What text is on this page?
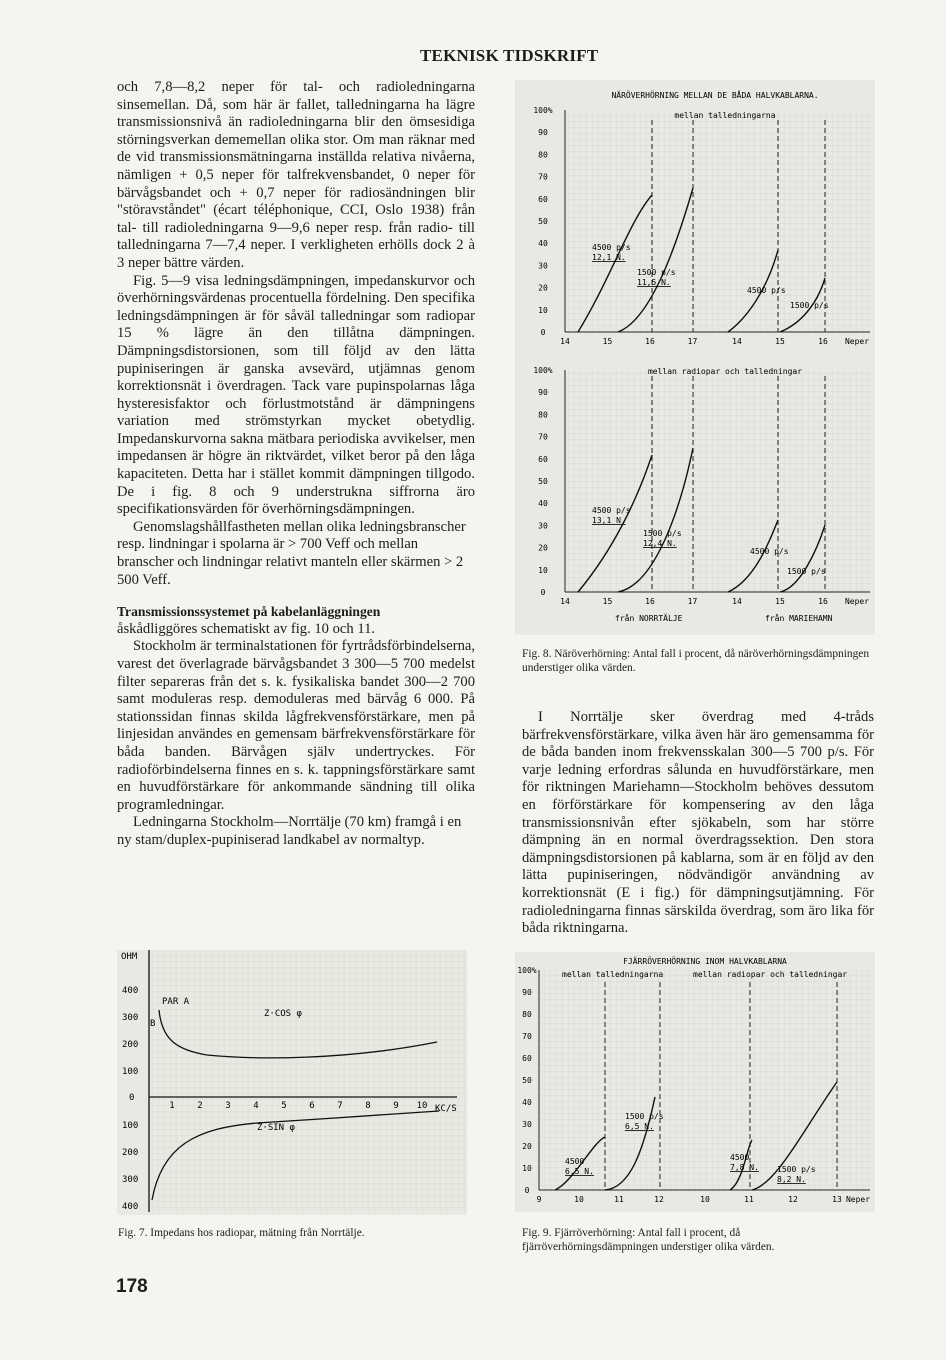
TEKNISK TIDSKRIFT

och 7,8—8,2 neper för tal- och radioledningarna sinsemellan. Då, som här är fallet, talledningarna ha lägre transmissionsnivå än radioledningarna blir den ömsesidiga störningsverkan dememellan olika stor. Om man räknar med de vid transmissionsmätningarna inställda relativa nivåerna, nämligen + 0,5 neper för talfrekvensbandet, 0 neper för bärvågsbandet och + 0,7 neper för radiosändningen blir "störavståndet" (écart téléphonique, CCI, Oslo 1938) från tal- till radioledningarna 9—9,6 neper resp. från radio- till talledningarna 7—7,4 neper. I verkligheten erhölls dock 2 à 3 neper bättre värden.

Fig. 5—9 visa ledningsdämpningen, impedanskurvor och överhörningsvärdenas procentuella fördelning. Den specifika ledningsdämpningen är för såväl talledningar som radiopar 15 % lägre än den tillåtna dämpningen. Dämpningsdistorsionen, som till följd av den lätta pupiniseringen är ganska avsevärd, utjämnas genom korrektionsnät i överdragen. Tack vare pupinspolarnas låga hysteresisfaktor och förlustmotstånd är dämpningens variation med strömstyrkan mycket obetydlig. Impedanskurvorna sakna mätbara periodiska avvikelser, men impedansen är högre än riktvärdet, vilket beror på den låga kapaciteten. Detta har i stället kommit dämpningen tillgodo. De i fig. 8 och 9 understrukna siffrorna äro specifikationsvärden för överhörningsdämpningen.

Genomslagshållfastheten mellan olika ledningsbranscher resp. lindningar i spolarna är > 700 Veff och mellan branscher och lindningar relativt manteln eller skärmen > 2 500 Veff.

Transmissionssystemet på kabelanläggningen

åskådliggöres schematiskt av fig. 10 och 11.

Stockholm är terminalstationen för fyrtrådsförbindelserna, varest det överlagrade bärvågsbandet 3 300—5 700 medelst filter separeras från det s. k. fysikaliska bandet 300—2 700 samt moduleras resp. demoduleras med bärvåg 6 000. På stationssidan finnas skilda lågfrekvensförstärkare, men på linjesidan användes en gemensam bärfrekvensförstärkare för båda banden. Bärvågen själv undertryckes. För radioförbindelserna finnes en s. k. tappningsförstärkare samt en huvudförstärkare för ankommande sändning till olika programledningar.

Ledningarna Stockholm—Norrtälje (70 km) framgå i en ny stam/duplex-pupiniserad landkabel av normaltyp.

I Norrtälje sker överdrag med 4-tråds bärfrekvensförstärkare, vilka även här äro gemensamma för de båda banden inom frekvensskalan 300—5 700 p/s. För varje ledning erfordras sålunda en huvudförstärkare, men för riktningen Mariehamn—Stockholm behöves dessutom en förförstärkare för kompensering av den låga transmissionsnivån efter sjökabeln, som har större dämpning än en normal överdragssektion. Den stora dämpningsdistorsionen på kablarna, som är en följd av den lätta pupiniseringen, nödvändigör användning av korrektionsnät (E i fig.) för dämpningsutjämning. För radioledningarna finnas särskilda överdrag, som äro lika för båda riktningarna.

NÄRÖVERHÖRNING MELLAN DE BÅDA HALVKABLARNA.
mellan talledningarna
mellan radiopar och talledningar
100%
90
80
70
60
50
40
30
20
10
0
100%
90
80
70
60
50
40
30
20
10
0
14	15	16	17	14	15	16 Neper
14	15	16	17	14	15	16 Neper
4500 p/s
12,1 N.
1500 p/s
11,5 N.
4500 p/s
1500 p/s
4500 p/s
13,1 N.
1500 p/s
12,4 N.
4500 p/s
1500 p/s
från NORRTÄLJE	från MARIEHAMN
Fig. 8. Näröverhörning: Antal fall i procent, då näröverhörningsdämpningen understiger olika värden.
OHM
400
300
200
100
0
100
200
300
400
1	2	3	4	5	6	7	8	9 10
PAR A
B
Z·COS φ
Z·SIN φ
KC/S
Fig. 7. Impedans hos radiopar, mätning från Norrtälje.
FJÄRRÖVERHÖRNING INOM HALVKABLARNA
mellan talledningarna	mellan radiopar och talledningar
100%
90
80
70
60
50
40
30
20
10
0
9	10	11	12	10	11	12	13 Neper
4500
6,5 N.
1500 p/s
6,5 N.
4500
7,8 N. 1500 p/s
8,2 N.
Fig. 9. Fjärröverhörning: Antal fall i procent, då fjärröverhörningsdämpningen understiger olika värden.
178
